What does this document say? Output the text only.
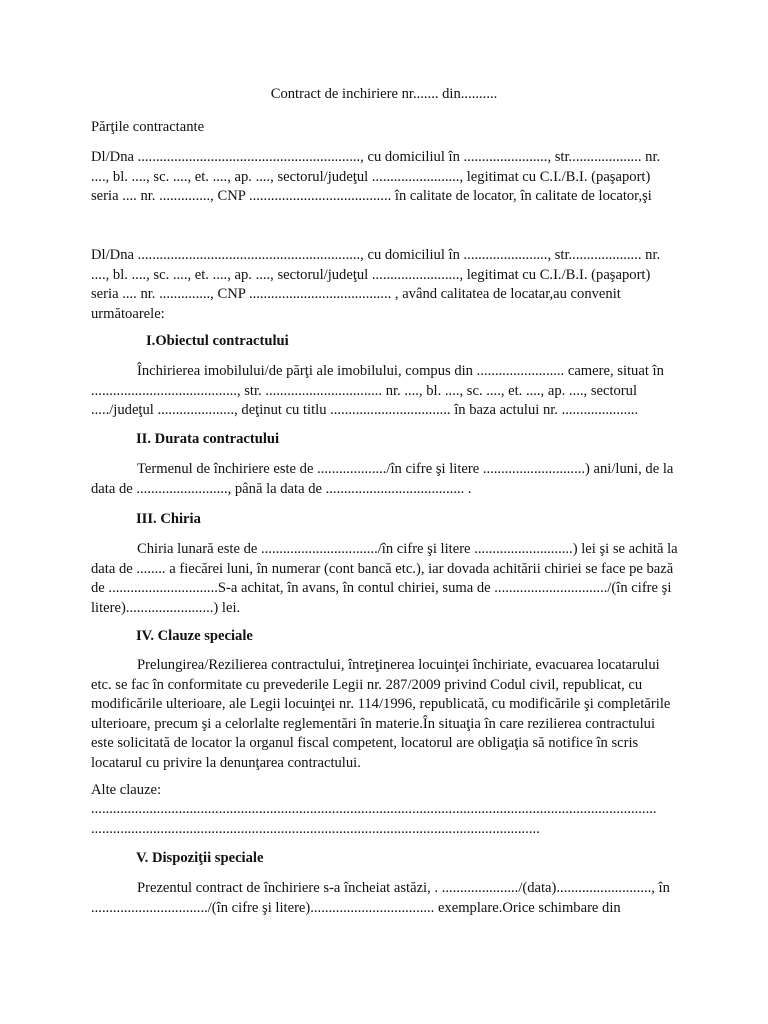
Contract de inchiriere nr....... din..........

Părţile contractante

Dl/Dna ............................................................., cu domiciliul în ......................., str.................... nr. ...., bl. ...., sc. ...., et. ...., ap. ...., sectorul/judeţul ........................, legitimat cu C.I./B.I. (paşaport) seria .... nr. .............., CNP ....................................... în calitate de locator, în calitate de locator,şi

Dl/Dna ............................................................., cu domiciliul în ......................., str.................... nr. ...., bl. ...., sc. ...., et. ...., ap. ...., sectorul/judeţul ........................, legitimat cu C.I./B.I. (paşaport) seria .... nr. .............., CNP ....................................... , având calitatea de locatar,au convenit următoarele:

I.Obiectul contractului

Închirierea imobilului/de părţi ale imobilului, compus din ........................ camere, situat în ........................................, str. ................................ nr. ...., bl. ...., sc. ...., et. ...., ap. ...., sectorul ...../judeţul ....................., deţinut cu titlu ................................. în baza actului nr. .....................

II. Durata contractului

Termenul de închiriere este de .................../în cifre şi litere ............................) ani/luni, de la data de ........................., până la data de ...................................... .

III. Chiria

Chiria lunară este de ................................/în cifre şi litere ...........................) lei şi se achită la data de ........ a fiecărei luni, în numerar (cont bancă etc.), iar dovada achitării chiriei se face pe bază de ..............................S-a achitat, în avans, în contul chiriei, suma de .............................../(în cifre şi litere)........................) lei.

IV. Clauze speciale

Prelungirea/Rezilierea contractului, întreţinerea locuinţei închiriate, evacuarea locatarului etc. se fac în conformitate cu prevederile Legii nr. 287/2009 privind Codul civil, republicat, cu modificările ulterioare, ale Legii locuinţei nr. 114/1996, republicată, cu modificările şi completările ulterioare, precum şi a celorlalte reglementări în materie.În situaţia în care rezilierea contractului este solicitată de locator la organul fiscal competent, locatorul are obligaţia să notifice în scris locatarul cu privire la denunţarea contractului.

Alte clauze:

...........................................................................................................................................................
...........................................................................................................................

V. Dispoziţii speciale

Prezentul contract de închiriere s-a încheiat astăzi, . ...................../(data).........................., în ................................/(în cifre şi litere).................................. exemplare.Orice schimbare din
